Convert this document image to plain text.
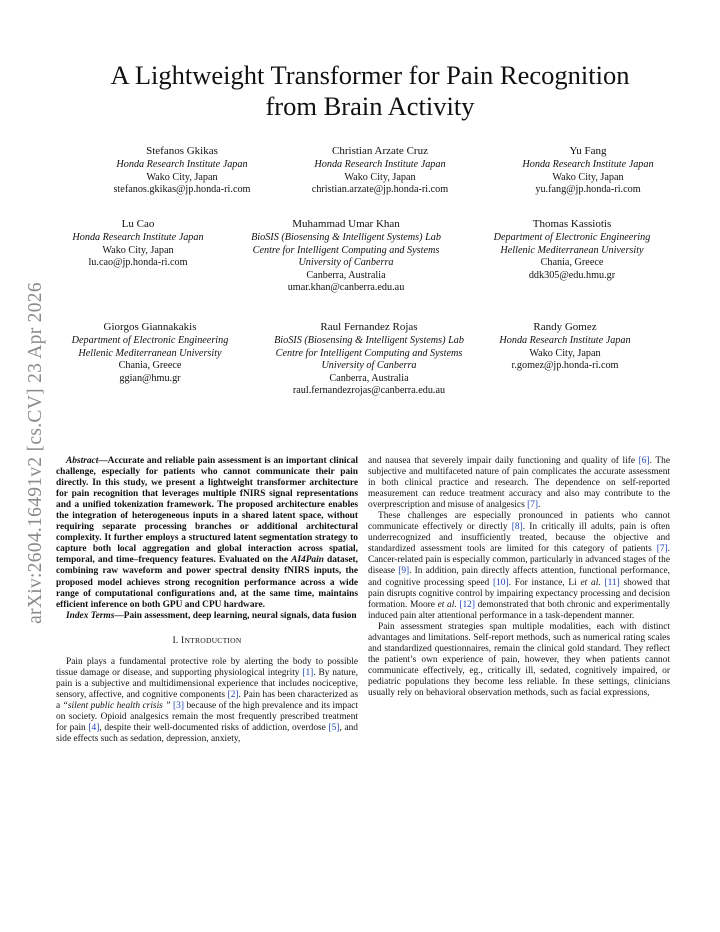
arXiv:2604.16491v2 [cs.CV] 23 Apr 2026
A Lightweight Transformer for Pain Recognition
from Brain Activity
Stefanos Gkikas
Honda Research Institute Japan
Wako City, Japan
stefanos.gkikas@jp.honda-ri.com
Christian Arzate Cruz
Honda Research Institute Japan
Wako City, Japan
christian.arzate@jp.honda-ri.com
Yu Fang
Honda Research Institute Japan
Wako City, Japan
yu.fang@jp.honda-ri.com
Lu Cao
Honda Research Institute Japan
Wako City, Japan
lu.cao@jp.honda-ri.com
Muhammad Umar Khan
BioSIS (Biosensing & Intelligent Systems) Lab
Centre for Intelligent Computing and Systems
University of Canberra
Canberra, Australia
umar.khan@canberra.edu.au
Thomas Kassiotis
Department of Electronic Engineering
Hellenic Mediterranean University
Chania, Greece
ddk305@edu.hmu.gr
Giorgos Giannakakis
Department of Electronic Engineering
Hellenic Mediterranean University
Chania, Greece
ggian@hmu.gr
Raul Fernandez Rojas
BioSIS (Biosensing & Intelligent Systems) Lab
Centre for Intelligent Computing and Systems
University of Canberra
Canberra, Australia
raul.fernandezrojas@canberra.edu.au
Randy Gomez
Honda Research Institute Japan
Wako City, Japan
r.gomez@jp.honda-ri.com

Abstract—Accurate and reliable pain assessment is an important clinical challenge, especially for patients who cannot communicate their pain directly. In this study, we present a lightweight transformer architecture for pain recognition that leverages multiple fNIRS signal representations and a unified tokenization framework. The proposed architecture enables the integration of heterogeneous inputs in a shared latent space, without requiring separate processing branches or additional architectural complexity. It further employs a structured latent segmentation strategy to capture both local aggregation and global interaction across spatial, temporal, and time–frequency features. Evaluated on the AI4Pain dataset, combining raw waveform and power spectral density fNIRS inputs, the proposed model achieves strong recognition performance across a wide range of computational configurations and, at the same time, maintains efficient inference on both GPU and CPU hardware.

Index Terms—Pain assessment, deep learning, neural signals, data fusion

I. INTRODUCTION

Pain plays a fundamental protective role by alerting the body to possible tissue damage or disease, and supporting physiological integrity [1]. By nature, pain is a subjective and multidimensional experience that includes nociceptive, sensory, affective, and cognitive components [2]. Pain has been characterized as a “silent public health crisis ” [3] because of the high prevalence and its impact on society. Opioid analgesics remain the most frequently prescribed treatment for pain [4], despite their well-documented risks of addiction, overdose [5], and side effects such as sedation, depression, anxiety,

and nausea that severely impair daily functioning and quality of life [6]. The subjective and multifaceted nature of pain complicates the accurate assessment in both clinical practice and research. The dependence on self-reported measurement can reduce treatment accuracy and also may contribute to the overprescription and misuse of analgesics [7].

These challenges are especially pronounced in patients who cannot communicate effectively or directly [8]. In critically ill adults, pain is often underrecognized and insufficiently treated, because the objective and standardized assessment tools are limited for this category of patients [7]. Cancer-related pain is especially common, particularly in advanced stages of the disease [9]. In addition, pain directly affects attention, functional performance, and cognitive processing speed [10]. For instance, Li et al. [11] showed that pain disrupts cognitive control by impairing expectancy processing and decision formation. Moore et al. [12] demonstrated that both chronic and experimentally induced pain alter attentional performance in a task-dependent manner.

Pain assessment strategies span multiple modalities, each with distinct advantages and limitations. Self-report methods, such as numerical rating scales and standardized questionnaires, remain the clinical gold standard. They reflect the patient’s own experience of pain, however, they when patients cannot communicate effectively, eg., critically ill, sedated, cognitively impaired, or pediatric populations they become less reliable. In these settings, clinicians usually rely on behavioral observation methods, such as facial expressions,
